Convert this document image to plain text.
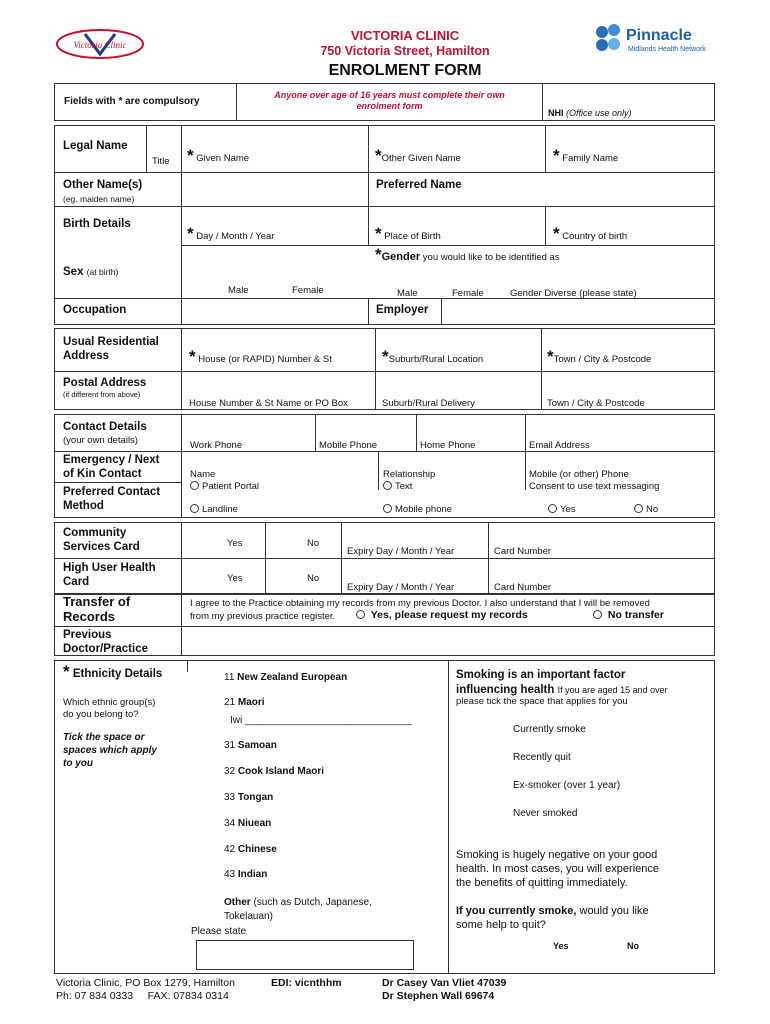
Victoria Clinic
VICTORIA CLINIC
750 Victoria Street, Hamilton
ENROLMENT FORM
Pinnacle
Midlands Health Network
Fields with * are compulsory
Anyone over age of 16 years must complete their own
enrolment form
NHI (Office use only)
Legal Name
Title * Given Name	*Other Given Name	* Family Name
Other Name(s)
(eg. maiden name)
Preferred Name
Birth Details	* Day / Month / Year	* Place of Birth	* Country of birth
Sex (at birth)
Male	Female
*Gender you would like to be identified as
Male	Female	Gender Diverse (please state)
Occupation	Employer
Usual Residential
Address	* House (or RAPID) Number & St	*Suburb/Rural Location	*Town / City & Postcode
Postal Address
(if different from above)
House Number & St Name or PO Box	Suburb/Rural Delivery	Town / City & Postcode
Contact Details
(your own details)	Work Phone	Mobile Phone	Home Phone	Email Address
Emergency / Next
of Kin Contact	Name	Relationship	Mobile (or other) Phone
Preferred Contact
Method
Patient Portal	Text	Consent to use text messaging
Landline	Mobile phone	Yes	No
Community
Services Card	Yes	No
Expiry Day / Month / Year	Card Number
High User Health
Card	Yes	No
Expiry Day / Month / Year	Card Number
Transfer of
Records
I agree to the Practice obtaining my records from my previous Doctor. I also understand that I will be removed
from my previous practice register.	Yes, please request my records	No transfer
Previous
Doctor/Practice
* Ethnicity Details
Which ethnic group(s)
do you belong to?
Tick the space or
spaces which apply
to you
11 New Zealand European
21 Maori
Iwi ______________________________
31 Samoan
32 Cook Island Maori
33 Tongan
34 Niuean
42 Chinese
43 Indian
Other (such as Dutch, Japanese,
Tokelauan)
Please state
Smoking is an important factor
influencing health If you are aged 15 and over
please tick the space that applies for you
Currently smoke
Recently quit
Ex-smoker (over 1 year)
Never smoked
Smoking is hugely negative on your good
health. In most cases, you will experience
the benefits of quitting immediately.
If you currently smoke, would you like
some help to quit?
Yes	No
Victoria Clinic, PO Box 1279, Hamilton
Ph: 07 834 0333     FAX: 07834 0314
EDI: vicnthhm	Dr Casey Van Vliet 47039
Dr Stephen Wall 69674
